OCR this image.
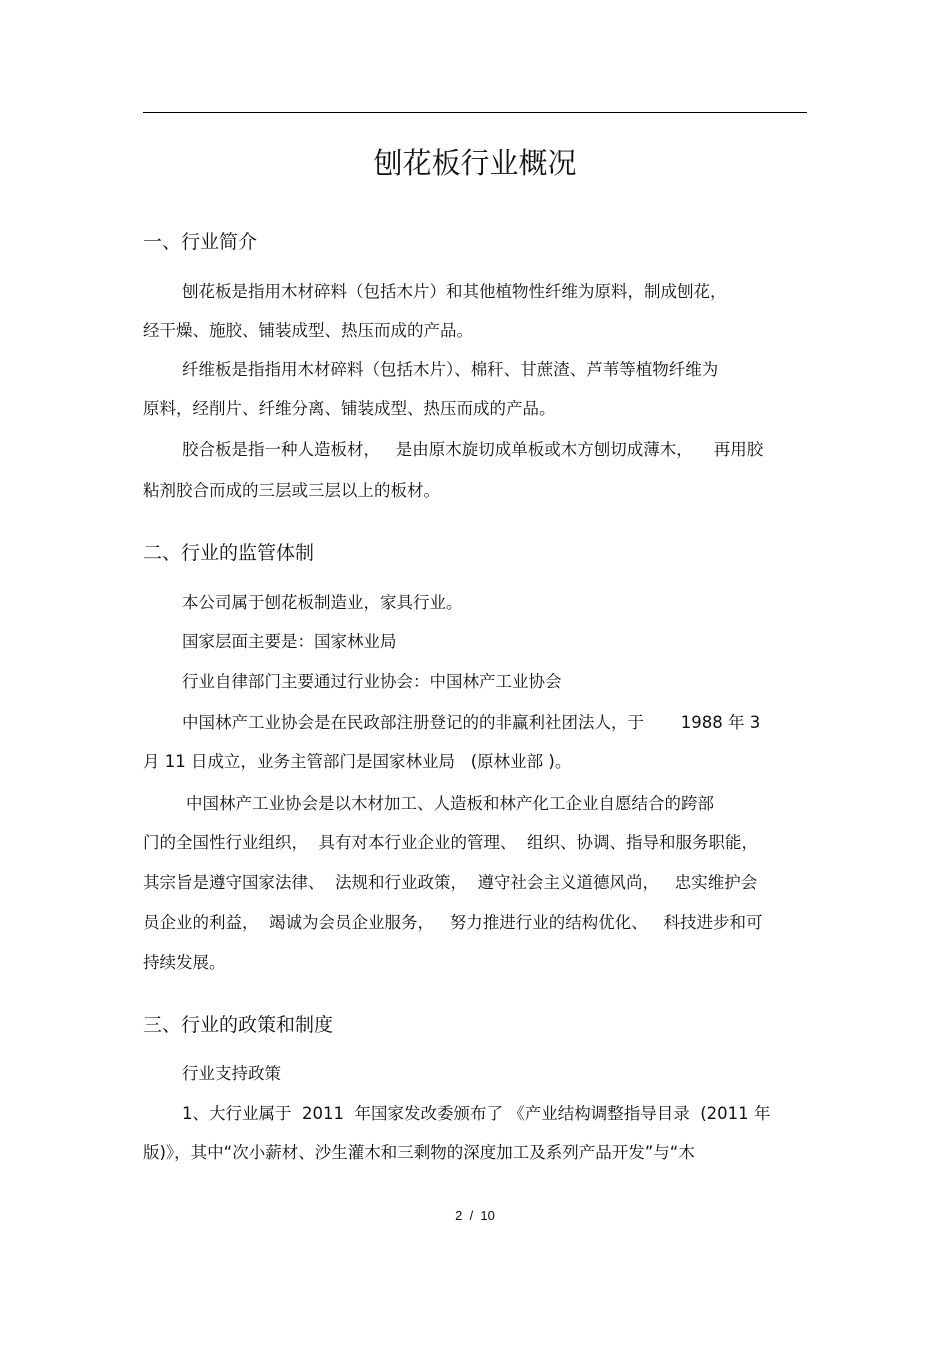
刨花板行业概况
一、行业简介
刨花板是指用木材碎料（包括木片）和其他植物性纤维为原料，制成刨花，
经干燥、施胶、铺装成型、热压而成的产品。
纤维板是指指用木材碎料（包括木片）、棉秆、甘蔗渣、芦苇等植物纤维为
原料，经削片、纤维分离、铺装成型、热压而成的产品。
胶合板是指一种人造板材，   是由原木旋切成单板或木方刨切成薄木，    再用胶
粘剂胶合而成的三层或三层以上的板材。
二、行业的监管体制
本公司属于刨花板制造业，家具行业。
国家层面主要是：国家林业局
行业自律部门主要通过行业协会：中国林产工业协会
中国林产工业协会是在民政部注册登记的的非赢利社团法人，于       1988 年 3
月 11 日成立，业务主管部门是国家林业局   (原林业部 )。
中国林产工业协会是以木材加工、人造板和林产化工企业自愿结合的跨部
门的全国性行业组织，  具有对本行业企业的管理、  组织、协调、指导和服务职能，
其宗旨是遵守国家法律、  法规和行业政策，  遵守社会主义道德风尚，   忠实维护会
员企业的利益，  竭诚为会员企业服务，   努力推进行业的结构优化、   科技进步和可
持续发展。
三、行业的政策和制度
行业支持政策
1、大行业属于  2011  年国家发改委颁布了 《产业结构调整指导目录  (2011 年
版)》，其中“次小薪材、沙生灌木和三剩物的深度加工及系列产品开发”与“木
2  /  10
